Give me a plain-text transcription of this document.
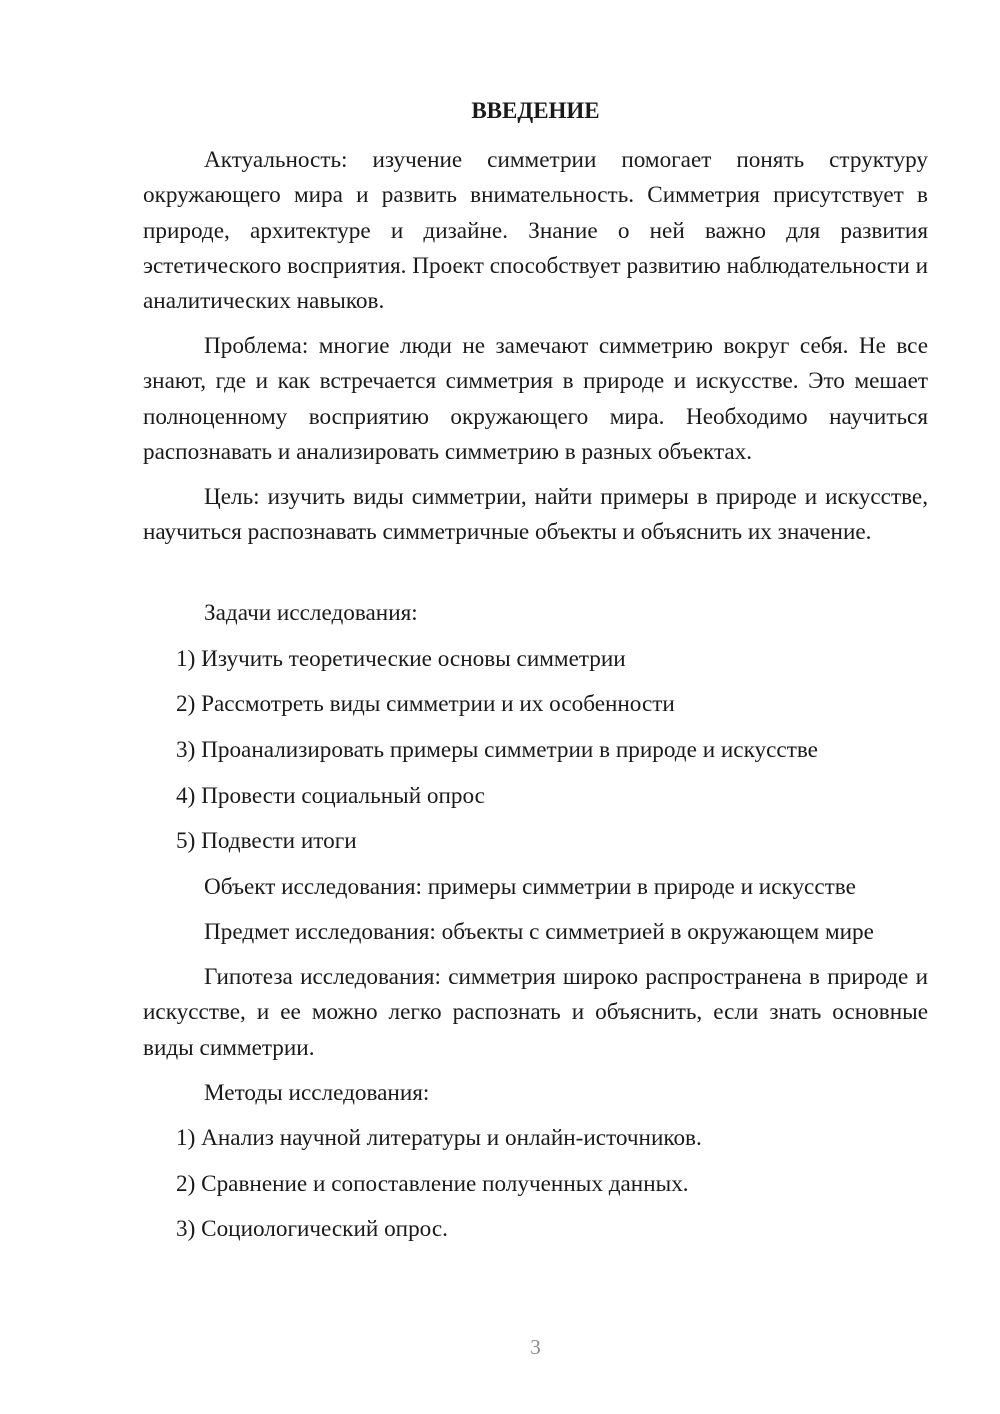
ВВЕДЕНИЕ

Актуальность: изучение симметрии помогает понять структуру окружающего мира и развить внимательность. Симметрия присутствует в природе, архитектуре и дизайне. Знание о ней важно для развития эстетического восприятия. Проект способствует развитию наблюдательности и аналитических навыков.

Проблема: многие люди не замечают симметрию вокруг себя. Не все знают, где и как встречается симметрия в природе и искусстве. Это мешает полноценному восприятию окружающего мира. Необходимо научиться распознавать и анализировать симметрию в разных объектах.

Цель: изучить виды симметрии, найти примеры в природе и искусстве, научиться распознавать симметричные объекты и объяснить их значение.

Задачи исследования:

1) Изучить теоретические основы симметрии

2) Рассмотреть виды симметрии и их особенности

3) Проанализировать примеры симметрии в природе и искусстве

4) Провести социальный опрос

5) Подвести итоги

Объект исследования: примеры симметрии в природе и искусстве

Предмет исследования: объекты с симметрией в окружающем мире

Гипотеза исследования: симметрия широко распространена в природе и искусстве, и ее можно легко распознать и объяснить, если знать основные виды симметрии.

Методы исследования:

1) Анализ научной литературы и онлайн-источников.

2) Сравнение и сопоставление полученных данных.

3) Социологический опрос.

3
